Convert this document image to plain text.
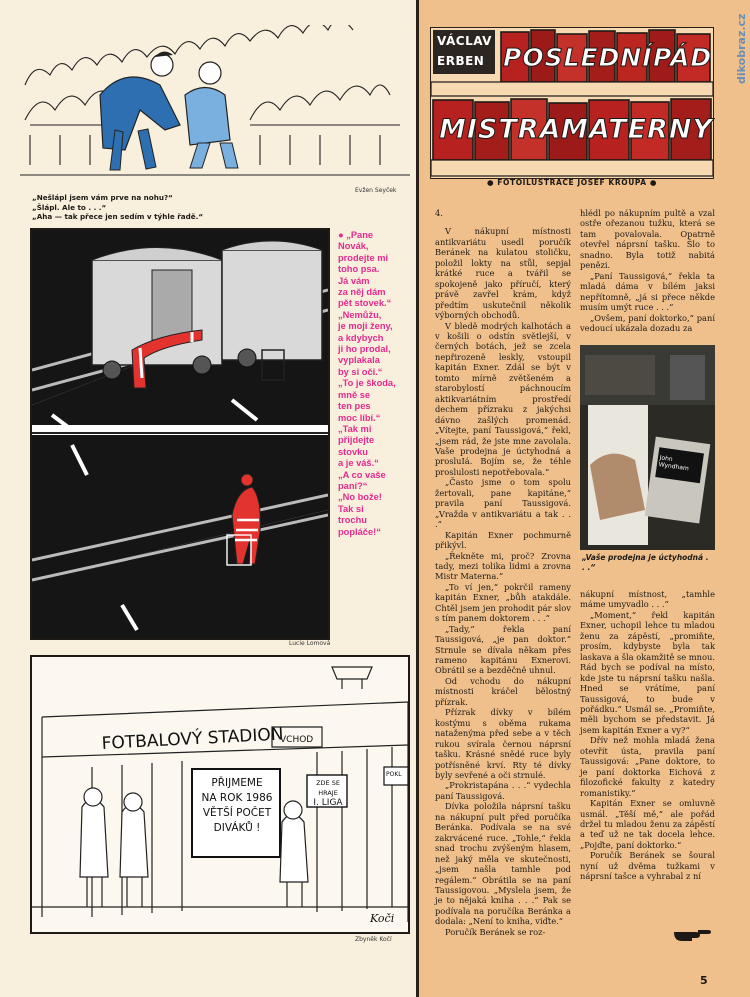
Evžen Seyček
„Nešlápl jsem vám prve na nohu?“
„Šlápl. Ale to . . .“
„Aha — tak přece jen sedím v týhle řadě.“
Lucie Lomová
● „Pane
Novák,
prodejte mi
toho psa.
Já vám
za něj dám
pět stovek.“
„Nemůžu,
je moji ženy,
a kdybych
ji ho prodal,
vyplakala
by si oči.“
„To je škoda,
mně se
ten pes
moc líbí.“
„Tak mi
přijdejte
stovku
a je váš.“
„A co vaše
paní?“
„No bože!
Tak si
trochu
popláče!“
FOTBALOVÝ STADION
VCHOD
Koči
PŘIJMEME
NA ROK 1986
VĚTŠÍ POČET
DIVÁKŮ !
ZDE SE HRAJE
I. LIGA
POKL
Zbyněk Kočí
VÁCLAV
ERBEN POSLEDNÍ PÁD
MISTRA MATERNY
● FOTOILUSTRACE JOSEF KROUPA ●

4.

V nákupní místnosti antikvariátu usedl poručík Beránek na kulatou stoličku, položil lokty na stůl, sepjal krátké ruce a tvářil se spokojeně jako příručí, který právě zavřel krám, když předtím uskutečnil několik výborných obchodů.

V bledě modrých kalhotách a v košili o odstín světlejší, v černých botách, jež se zcela nepřirozeně leskly, vstoupil kapitán Exner. Zdál se být v tomto mírně zvětšeném a starobylostí páchnoucím aktikvariátním prostředí dechem přízraku z jakýchsi dávno zašlých promenád. „Vítejte, paní Taussigová,“ řekl, „jsem rád, že jste mne zavolala. Vaše prodejna je úctyhodná a prosluIá. Bojím se, že téhle proslulosti nepotřebovala.“

„Často jsme o tom spolu žertovali, pane kapitáne,“ pravila paní Taussigová. „Vražda v antikvariátu a tak . . .“

Kapitán Exner pochmurně přikývl.

„Řekněte mi, proč? Zrovna tady, mezi tolika lidmi a zrovna Mistr Materna.“

„To ví jen,“ pokrčil rameny kapitán Exner, „bůh atakdále. Chtěl jsem jen prohodit pár slov s tím panem doktorem . . .“

„Tady,“ řekla paní Taussigová, „je pan doktor.“ Strnule se dívala někam přes rameno kapitánu Exnerovi. Obrátil se a bezděčně uhnul.

Od vchodu do nákupní místnosti kráčel bělostný přízrak.

Přízrak dívky v bílém kostýmu s oběma rukama nataženýma před sebe a v těch rukou svírala černou náprsní tašku. Krásné snědé ruce byly potřísněné krví. Rty té dívky byly sevřené a oči strnulé.

„Prokristapána . . .“ vydechla paní Taussigová.

Dívka položila náprsní tašku na nákupní pult před poručíka Beránka. Podívala se na své zakrvácené ruce. „Tohle,“ řekla snad trochu zvýšeným hlasem, než jaký měla ve skutečnosti, „jsem našla tamhle pod regálem.“ Obrátila se na paní Taussigovou. „Myslela jsem, že je to nějaká kniha . . .“ Pak se podívala na poručíka Beránka a dodala: „Není to kniha, viďte.“

Poručík Beránek se roz-

hlédl po nákupním pultě a vzal ostře ořezanou tužku, která se tam povalovala. Opatrně otevřel náprsní tašku. Šlo to snadno. Byla totiž nabitá penězi.

„Paní Taussigová,“ řekla ta mladá dáma v bílém jaksi nepřítomně, „já si přece někde musím umýt ruce . . .“

„Ovšem, paní doktorko,“ paní vedoucí ukázala dozadu za

John Wyndham
„Vaše prodejna je úctyhodná . . .“

nákupní místnost, „tamhle máme umyvadlo . . .“

„Moment,“ řekl kapitán Exner, uchopil lehce tu mladou ženu za zápěstí, „promiňte, prosím, kdybyste byla tak laskava a šla okamžitě se mnou. Rád bych se podíval na místo, kde jste tu náprsní tašku našla. Hned se vrátíme, paní Taussigová, to bude v pořádku.“ Usmál se. „Promiňte, měli bychom se představit. Já jsem kapitán Exner a vy?“

Dřív než mohla mladá žena otevřít ústa, pravila paní Taussigová: „Pane doktore, to je paní doktorka Eichová z filozofické fakulty z katedry romanistiky.“

Kapitán Exner se omluvně usmál. „Těší mě,“ ale pořád držel tu mladou ženu za zápěstí a teď už ne tak docela lehce. „Pojďte, paní doktorko.“

Poručík Beránek se šoural nyní už dvěma tužkami v náprsní tašce a vyhrabal z ní

dikobraz.cz
5
